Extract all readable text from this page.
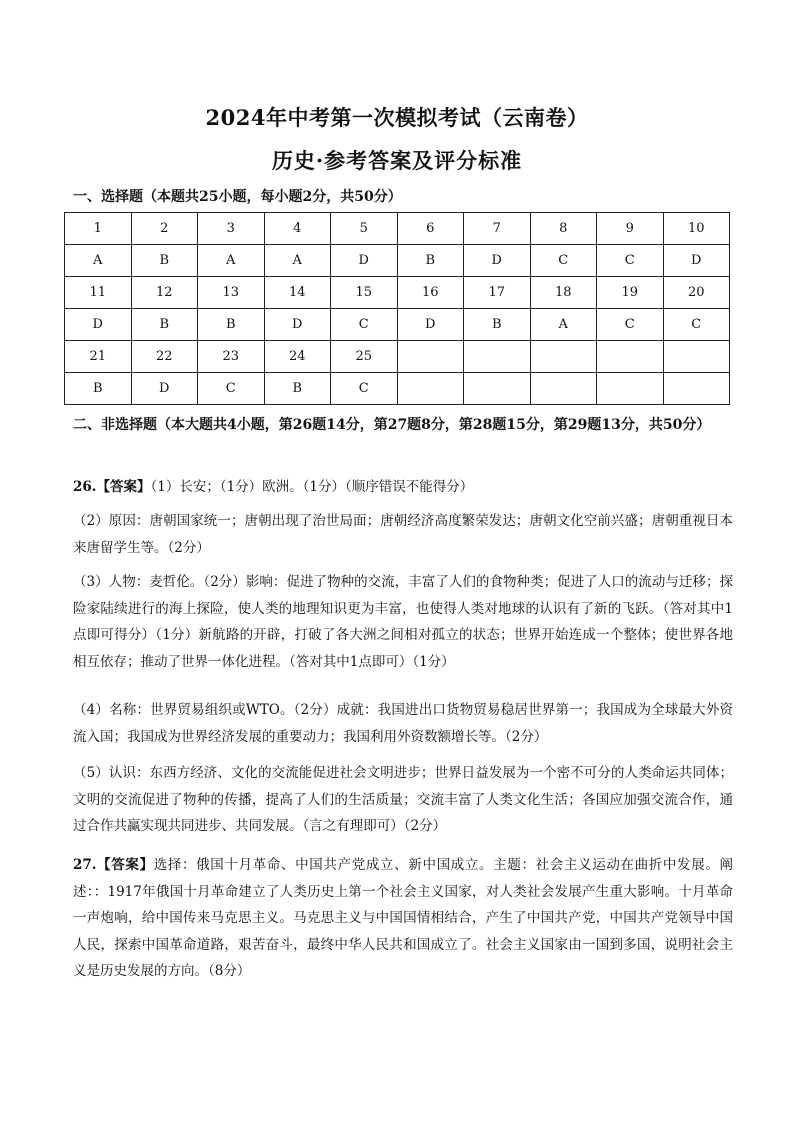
2024年中考第一次模拟考试（云南卷）
历史·参考答案及评分标准
一、选择题（本题共25小题，每小题2分，共50分）
1	2	3	4	5	6	7	8	9	10
A	B	A	A	D	B	D	C	C	D
11	12	13	14	15	16	17	18	19	20
D	B	B	D	C	D	B	A	C	C
21	22	23	24	25					
B	D	C	B	C					
二、非选择题（本大题共4小题，第26题14分，第27题8分，第28题15分，第29题13分，共50分）
26.【答案】（1）长安；（1分）欧洲。（1分）（顺序错误不能得分）
（2）原因：唐朝国家统一；唐朝出现了治世局面；唐朝经济高度繁荣发达；唐朝文化空前兴盛；唐朝重视日本来唐留学生等。（2分）
（3）人物：麦哲伦。（2分）影响：促进了物种的交流，丰富了人们的食物种类；促进了人口的流动与迁移；探险家陆续进行的海上探险，使人类的地理知识更为丰富，也使得人类对地球的认识有了新的飞跃。（答对其中1点即可得分）（1分）新航路的开辟，打破了各大洲之间相对孤立的状态；世界开始连成一个整体；使世界各地相互依存；推动了世界一体化进程。（答对其中1点即可）（1分）
（4）名称：世界贸易组织或WTO。（2分）成就：我国进出口货物贸易稳居世界第一；我国成为全球最大外资流入国；我国成为世界经济发展的重要动力；我国利用外资数额增长等。（2分）
（5）认识：东西方经济、文化的交流能促进社会文明进步；世界日益发展为一个密不可分的人类命运共同体；文明的交流促进了物种的传播，提高了人们的生活质量；交流丰富了人类文化生活；各国应加强交流合作，通过合作共赢实现共同进步、共同发展。（言之有理即可）（2分）
27.【答案】选择：俄国十月革命、中国共产党成立、新中国成立。主题：社会主义运动在曲折中发展。阐述：：1917年俄国十月革命建立了人类历史上第一个社会主义国家，对人类社会发展产生重大影响。十月革命一声炮响，给中国传来马克思主义。马克思主义与中国国情相结合，产生了中国共产党，中国共产党领导中国人民，探索中国革命道路，艰苦奋斗，最终中华人民共和国成立了。社会主义国家由一国到多国，说明社会主义是历史发展的方向。（8分）
